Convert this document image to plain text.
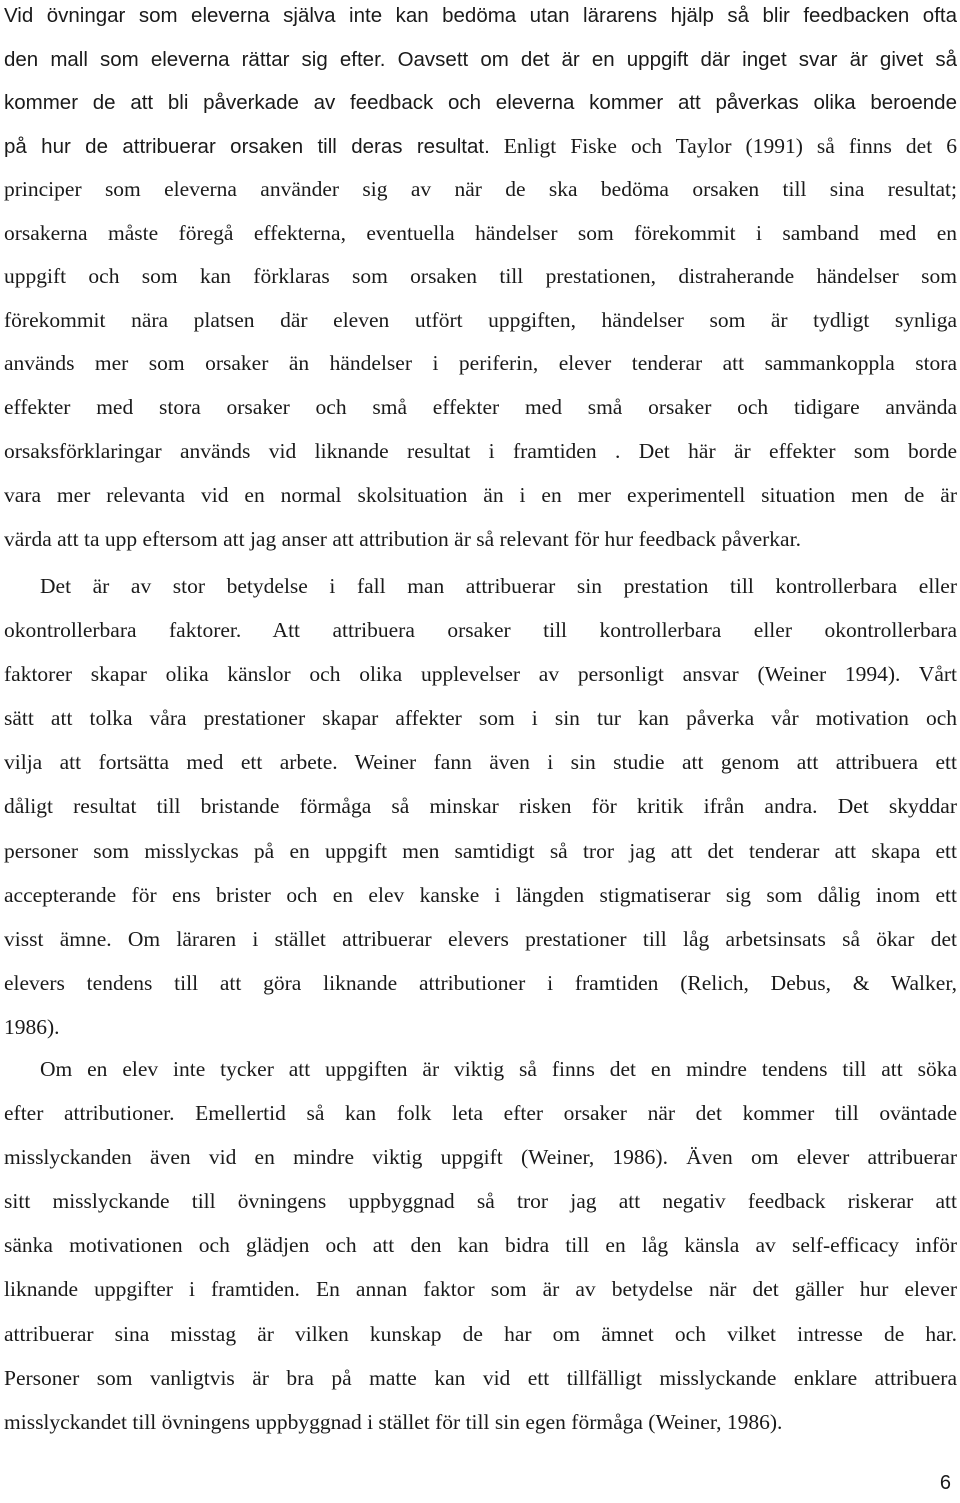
Vid övningar som eleverna själva inte kan bedöma utan lärarens hjälp så blir feedbacken ofta
den mall som eleverna rättar sig efter. Oavsett om det är en uppgift där inget svar är givet så
kommer de att bli påverkade av feedback och eleverna kommer att påverkas olika beroende
på hur de attribuerar orsaken till deras resultat. Enligt Fiske och Taylor (1991) så finns det 6
principer som eleverna använder sig av när de ska bedöma orsaken till sina resultat;
orsakerna måste föregå effekterna, eventuella händelser som förekommit i samband med en
uppgift och som kan förklaras som orsaken till prestationen, distraherande händelser som
förekommit nära platsen där eleven utfört uppgiften, händelser som är tydligt synliga
används mer som orsaker än händelser i periferin, elever tenderar att sammankoppla stora
effekter med stora orsaker och små effekter med små orsaker och tidigare använda
orsaksförklaringar används vid liknande resultat i framtiden . Det här är effekter som borde
vara mer relevanta vid en normal skolsituation än i en mer experimentell situation men de är
värda att ta upp eftersom att jag anser att attribution är så relevant för hur feedback påverkar.
Det är av stor betydelse i fall man attribuerar sin prestation till kontrollerbara eller
okontrollerbara faktorer. Att attribuera orsaker till kontrollerbara eller okontrollerbara
faktorer skapar olika känslor och olika upplevelser av personligt ansvar (Weiner 1994). Vårt
sätt att tolka våra prestationer skapar affekter som i sin tur kan påverka vår motivation och
vilja att fortsätta med ett arbete. Weiner fann även i sin studie att genom att attribuera ett
dåligt resultat till bristande förmåga så minskar risken för kritik ifrån andra. Det skyddar
personer som misslyckas på en uppgift men samtidigt så tror jag att det tenderar att skapa ett
accepterande för ens brister och en elev kanske i längden stigmatiserar sig som dålig inom ett
visst ämne. Om läraren i stället attribuerar elevers prestationer till låg arbetsinsats så ökar det
elevers tendens till att göra liknande attributioner i framtiden (Relich, Debus, & Walker,
1986).
Om en elev inte tycker att uppgiften är viktig så finns det en mindre tendens till att söka
efter attributioner. Emellertid så kan folk leta efter orsaker när det kommer till oväntade
misslyckanden även vid en mindre viktig uppgift (Weiner, 1986). Även om elever attribuerar
sitt misslyckande till övningens uppbyggnad så tror jag att negativ feedback riskerar att
sänka motivationen och glädjen och att den kan bidra till en låg känsla av self-efficacy inför
liknande uppgifter i framtiden. En annan faktor som är av betydelse när det gäller hur elever
attribuerar sina misstag är vilken kunskap de har om ämnet och vilket intresse de har.
Personer som vanligtvis är bra på matte kan vid ett tillfälligt misslyckande enklare attribuera
misslyckandet till övningens uppbyggnad i stället för till sin egen förmåga (Weiner, 1986).
6
